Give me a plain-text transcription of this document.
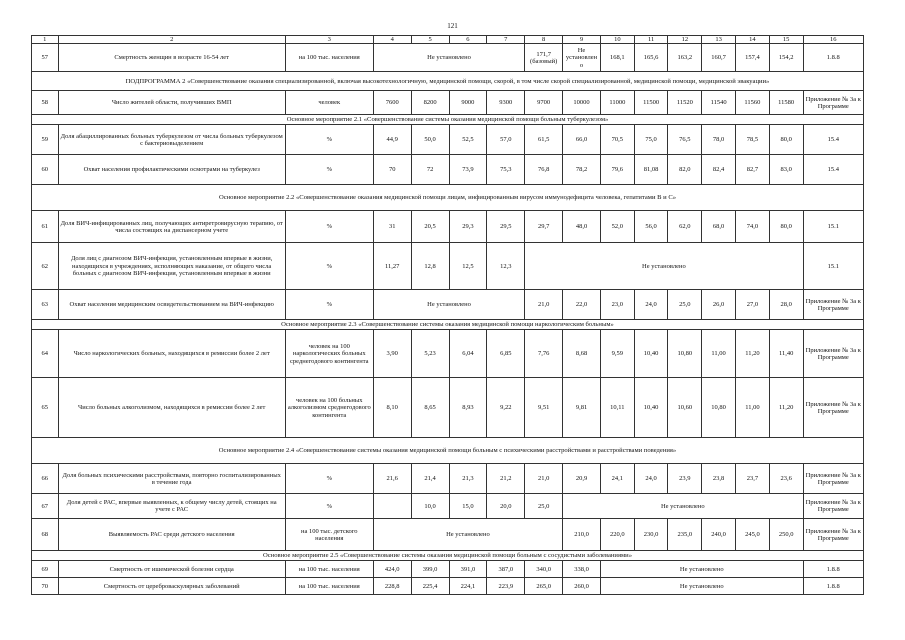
121
1	2	3	4	5	6	7	8	9	10	11	12	13	14	15	16
57	Смертность женщин в возрасте 16-54 лет	на 100 тыс. населения	Не установлено				171,7 (базовый)	Не установлено	168,1	165,6	163,2	160,7	157,4	154,2	1.8.8
ПОДПРОГРАММА 2 «Совершенствование оказания специализированной, включая высокотехнологичную, медицинской помощи, скорой, в том числе скорой специализированной, медицинской помощи, медицинской эвакуации»															
58	Число жителей области, получивших ВМП	человек	7600	8200	9000	9300	9700	10000	11000	11500	11520	11540	11560	11580	Приложение № 3а к Программе
Основное мероприятие 2.1 «Совершенствование системы оказания медицинской помощи больным туберкулезом»															
59	Доля абациллированных больных туберкулезом от числа больных туберкулезом с бактериовыделением	%	44,9	50,0	52,5	57,0	61,5	66,0	70,5	75,0	76,5	78,0	78,5	80,0	15.4
60	Охват населения профилактическими осмотрами на туберкулез	%	70	72	73,9	75,3	76,8	78,2	79,6	81,08	82,0	82,4	82,7	83,0	15.4
Основное мероприятие 2.2 «Совершенствование оказания медицинской помощи лицам, инфицированным вирусом иммунодефицита человека, гепатитами В и С»															
61	Доля ВИЧ-инфицированных лиц, получающих антиретровирусную терапию, от числа состоящих на диспансерном учете	%	31	20,5	29,3	29,5	29,7	48,0	52,0	56,0	62,0	68,0	74,0	80,0	15.1
62	Доля лиц с диагнозом ВИЧ-инфекция, установленным впервые в жизни, находящихся в учреждениях, исполняющих наказание, от общего числа больных с диагнозом ВИЧ-инфекция, установленным впервые в жизни	%	11,27	12,8	12,5	12,3	Не установлено								15.1
63	Охват населения медицинским освидетельствованием на ВИЧ-инфекцию	%	Не установлено				21,0	22,0	23,0	24,0	25,0	26,0	27,0	28,0	Приложение № 3а к Программе
Основное мероприятие 2.3 «Совершенствование системы оказания медицинской помощи наркологическим больным»															
64	Число наркологических больных, находящихся в ремиссии более 2 лет	человек на 100 наркологических больных среднегодового контингента	3,90	5,23	6,04	6,85	7,76	8,68	9,59	10,40	10,80	11,00	11,20	11,40	Приложение № 3а к Программе
65	Число больных алкоголизмом, находящихся в ремиссии более 2 лет	человек на 100 больных алкоголизмом среднегодового контингента	8,10	8,65	8,93	9,22	9,51	9,81	10,11	10,40	10,60	10,80	11,00	11,20	Приложение № 3а к Программе
Основное мероприятие 2.4 «Совершенствование системы оказания медицинской помощи больным с психическими расстройствами и расстройствами поведения»															
66	Доля больных психическими расстройствами, повторно госпитализированных в течение года	%	21,6	21,4	21,3	21,2	21,0	20,9	24,1	24,0	23,9	23,8	23,7	23,6	Приложение № 3а к Программе
67	Доля детей с РАС, впервые выявленных, к общему числу детей, стоящих на учете с РАС	%		10,0	15,0	20,0	25,0	Не установлено							Приложение № 3а к Программе
68	Выявляемость РАС среди детского населения	на 100 тыс. детского населения	Не установлено					210,0	220,0	230,0	235,0	240,0	245,0	250,0	Приложение № 3а к Программе
Основное мероприятие 2.5 «Совершенствование системы оказания медицинской помощи больным с сосудистыми заболеваниями»															
69	Смертность от ишемической болезни сердца	на 100 тыс. населения	424,0	399,0	391,0	387,0	340,0	338,0	Не установлено						1.8.8
70	Смертность от цереброваскулярных заболеваний	на 100 тыс. населения	228,8	225,4	224,1	223,9	265,0	260,0	Не установлено						1.8.8
